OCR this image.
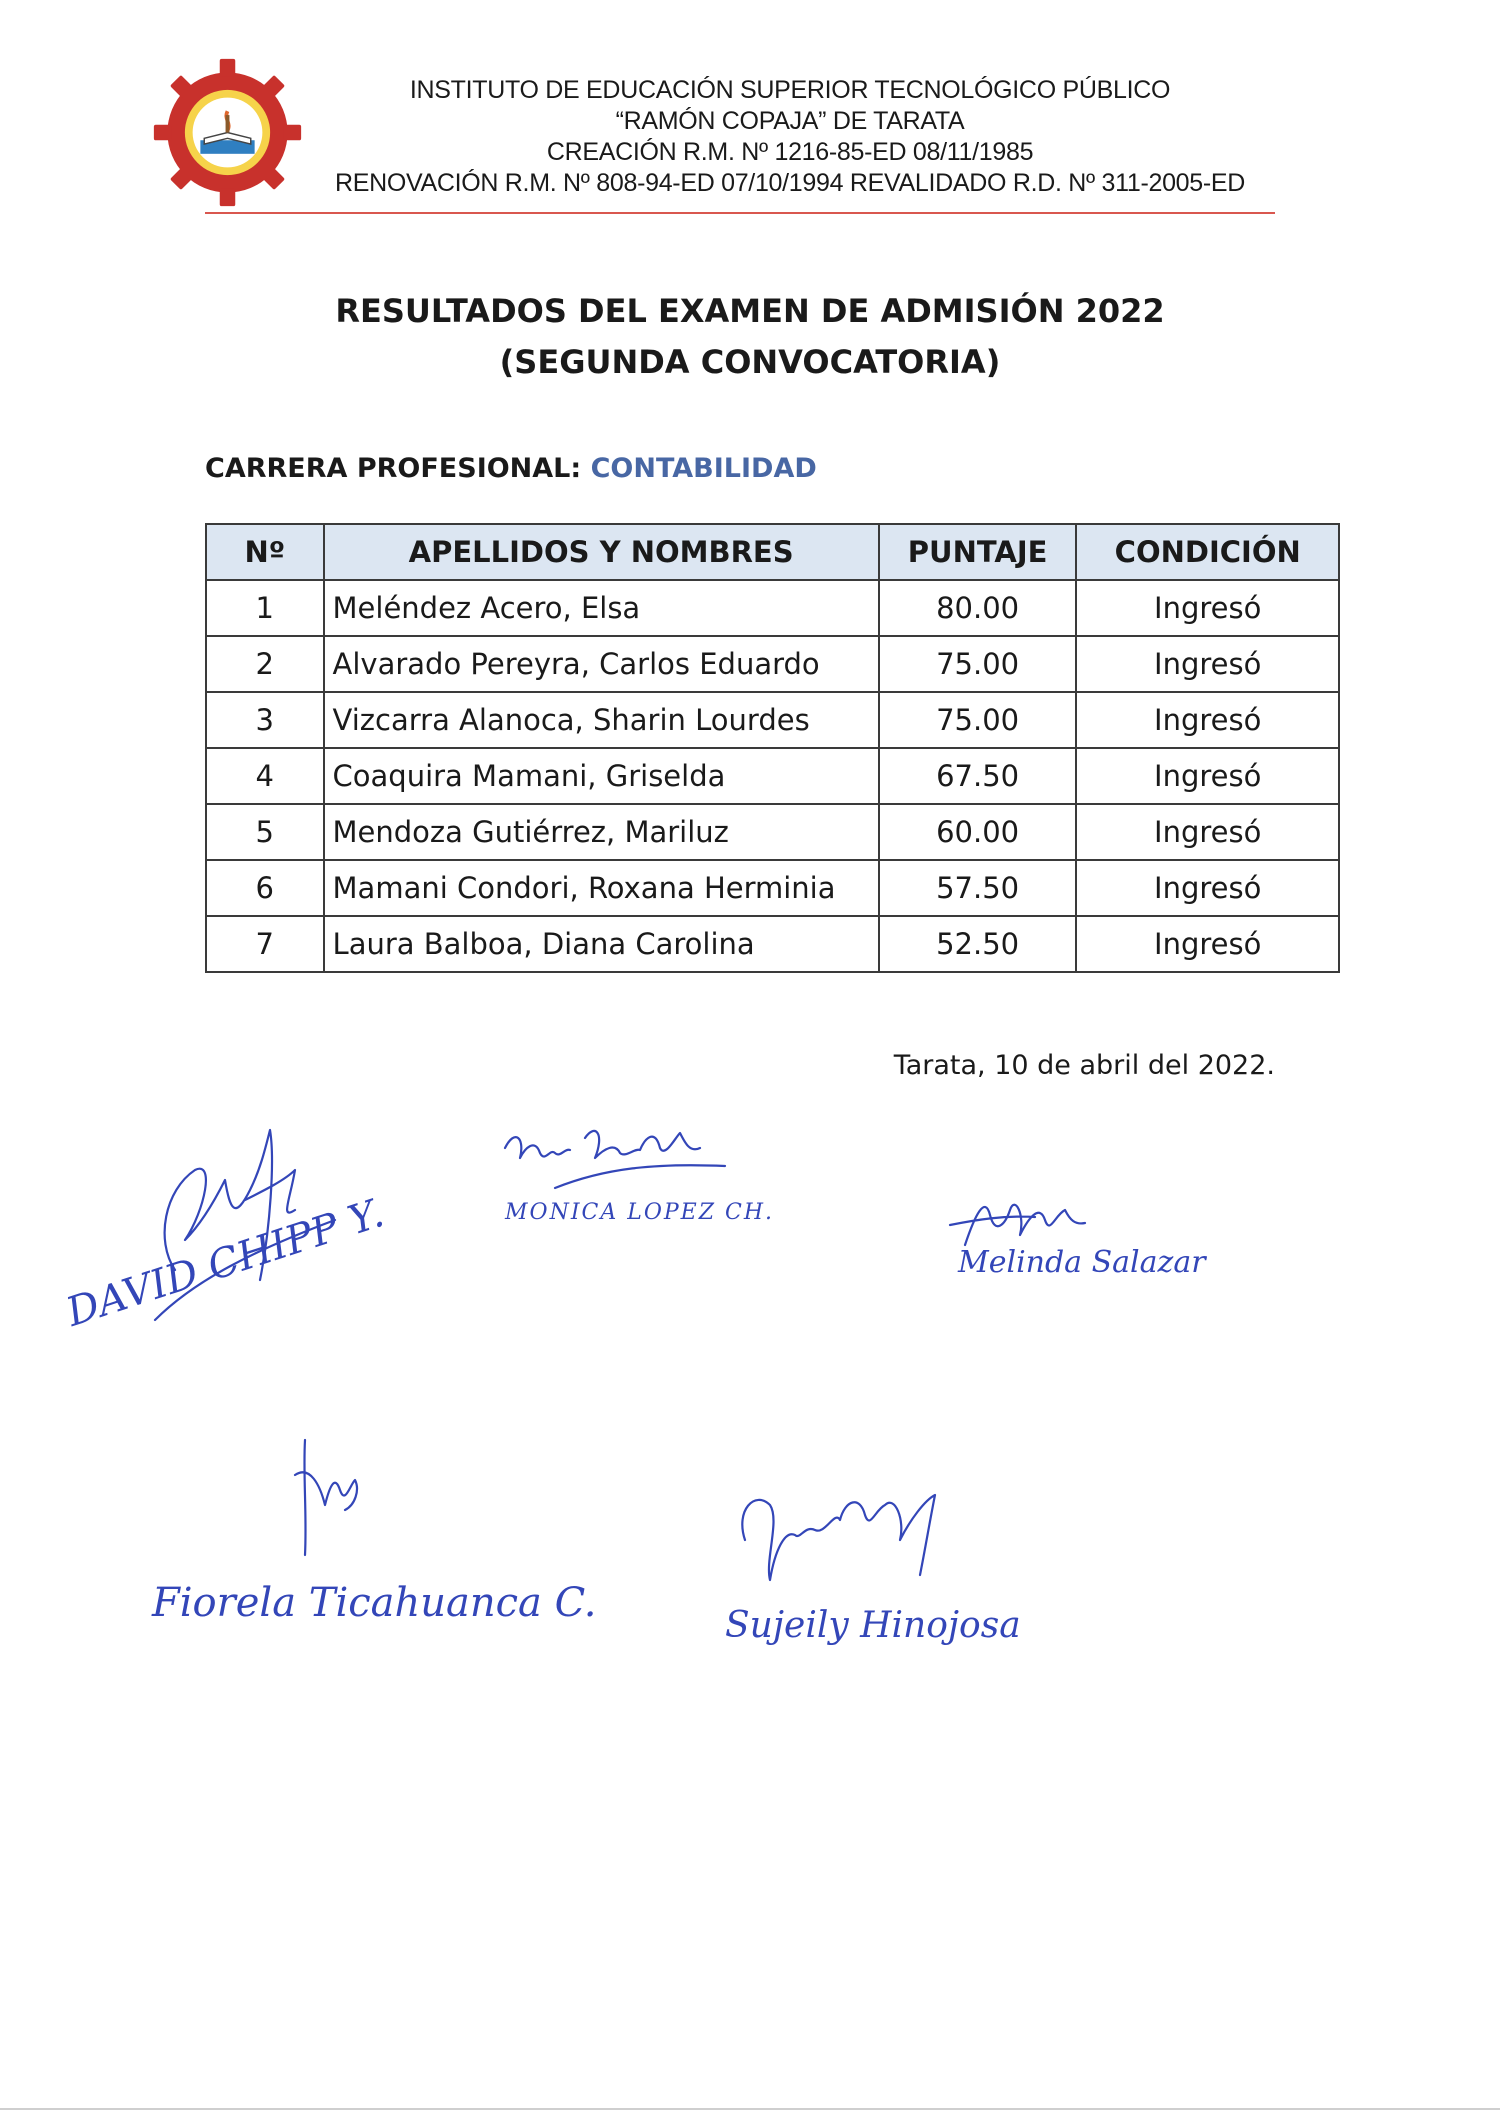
INSTITUTO DE EDUCACIÓN SUPERIOR TECNOLÓGICO PÚBLICO
“RAMÓN COPAJA” DE TARATA
CREACIÓN R.M. Nº 1216-85-ED 08/11/1985
RENOVACIÓN R.M. Nº 808-94-ED 07/10/1994 REVALIDADO R.D. Nº 311-2005-ED
RESULTADOS DEL EXAMEN DE ADMISIÓN 2022
(SEGUNDA CONVOCATORIA)
CARRERA PROFESIONAL: CONTABILIDAD
Nº	APELLIDOS Y NOMBRES	PUNTAJE	CONDICIÓN
1	Meléndez Acero, Elsa	80.00	Ingresó
2	Alvarado Pereyra, Carlos Eduardo	75.00	Ingresó
3	Vizcarra Alanoca, Sharin Lourdes	75.00	Ingresó
4	Coaquira Mamani, Griselda	67.50	Ingresó
5	Mendoza Gutiérrez, Mariluz	60.00	Ingresó
6	Mamani Condori, Roxana Herminia	57.50	Ingresó
7	Laura Balboa, Diana Carolina	52.50	Ingresó
Tarata, 10 de abril del 2022.
DAVID CHIPP Y.	MONICA LOPEZ CH.
Melinda Salazar
Fiorela Ticahuanca C.	Sujeily Hinojosa
